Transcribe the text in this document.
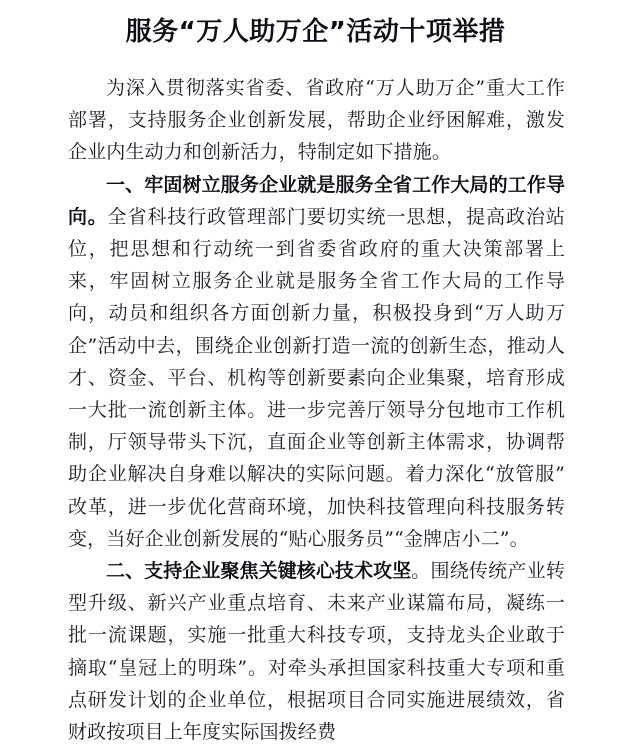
服务“万人助万企”活动十项举措

为深入贯彻落实省委、省政府“万人助万企”重大工作部署，支持服务企业创新发展，帮助企业纾困解难，激发企业内生动力和创新活力，特制定如下措施。

一、牢固树立服务企业就是服务全省工作大局的工作导向。全省科技行政管理部门要切实统一思想，提高政治站位，把思想和行动统一到省委省政府的重大决策部署上来，牢固树立服务企业就是服务全省工作大局的工作导向，动员和组织各方面创新力量，积极投身到“万人助万企”活动中去，围绕企业创新打造一流的创新生态，推动人才、资金、平台、机构等创新要素向企业集聚，培育形成一大批一流创新主体。进一步完善厅领导分包地市工作机制，厅领导带头下沉，直面企业等创新主体需求，协调帮助企业解决自身难以解决的实际问题。着力深化“放管服”改革，进一步优化营商环境，加快科技管理向科技服务转变，当好企业创新发展的“贴心服务员”“金牌店小二”。

二、支持企业聚焦关键核心技术攻坚。围绕传统产业转型升级、新兴产业重点培育、未来产业谋篇布局，凝练一批一流课题，实施一批重大科技专项，支持龙头企业敢于摘取“皇冠上的明珠”。对牵头承担国家科技重大专项和重点研发计划的企业单位，根据项目合同实施进展绩效，省财政按项目上年度实际国拨经费
